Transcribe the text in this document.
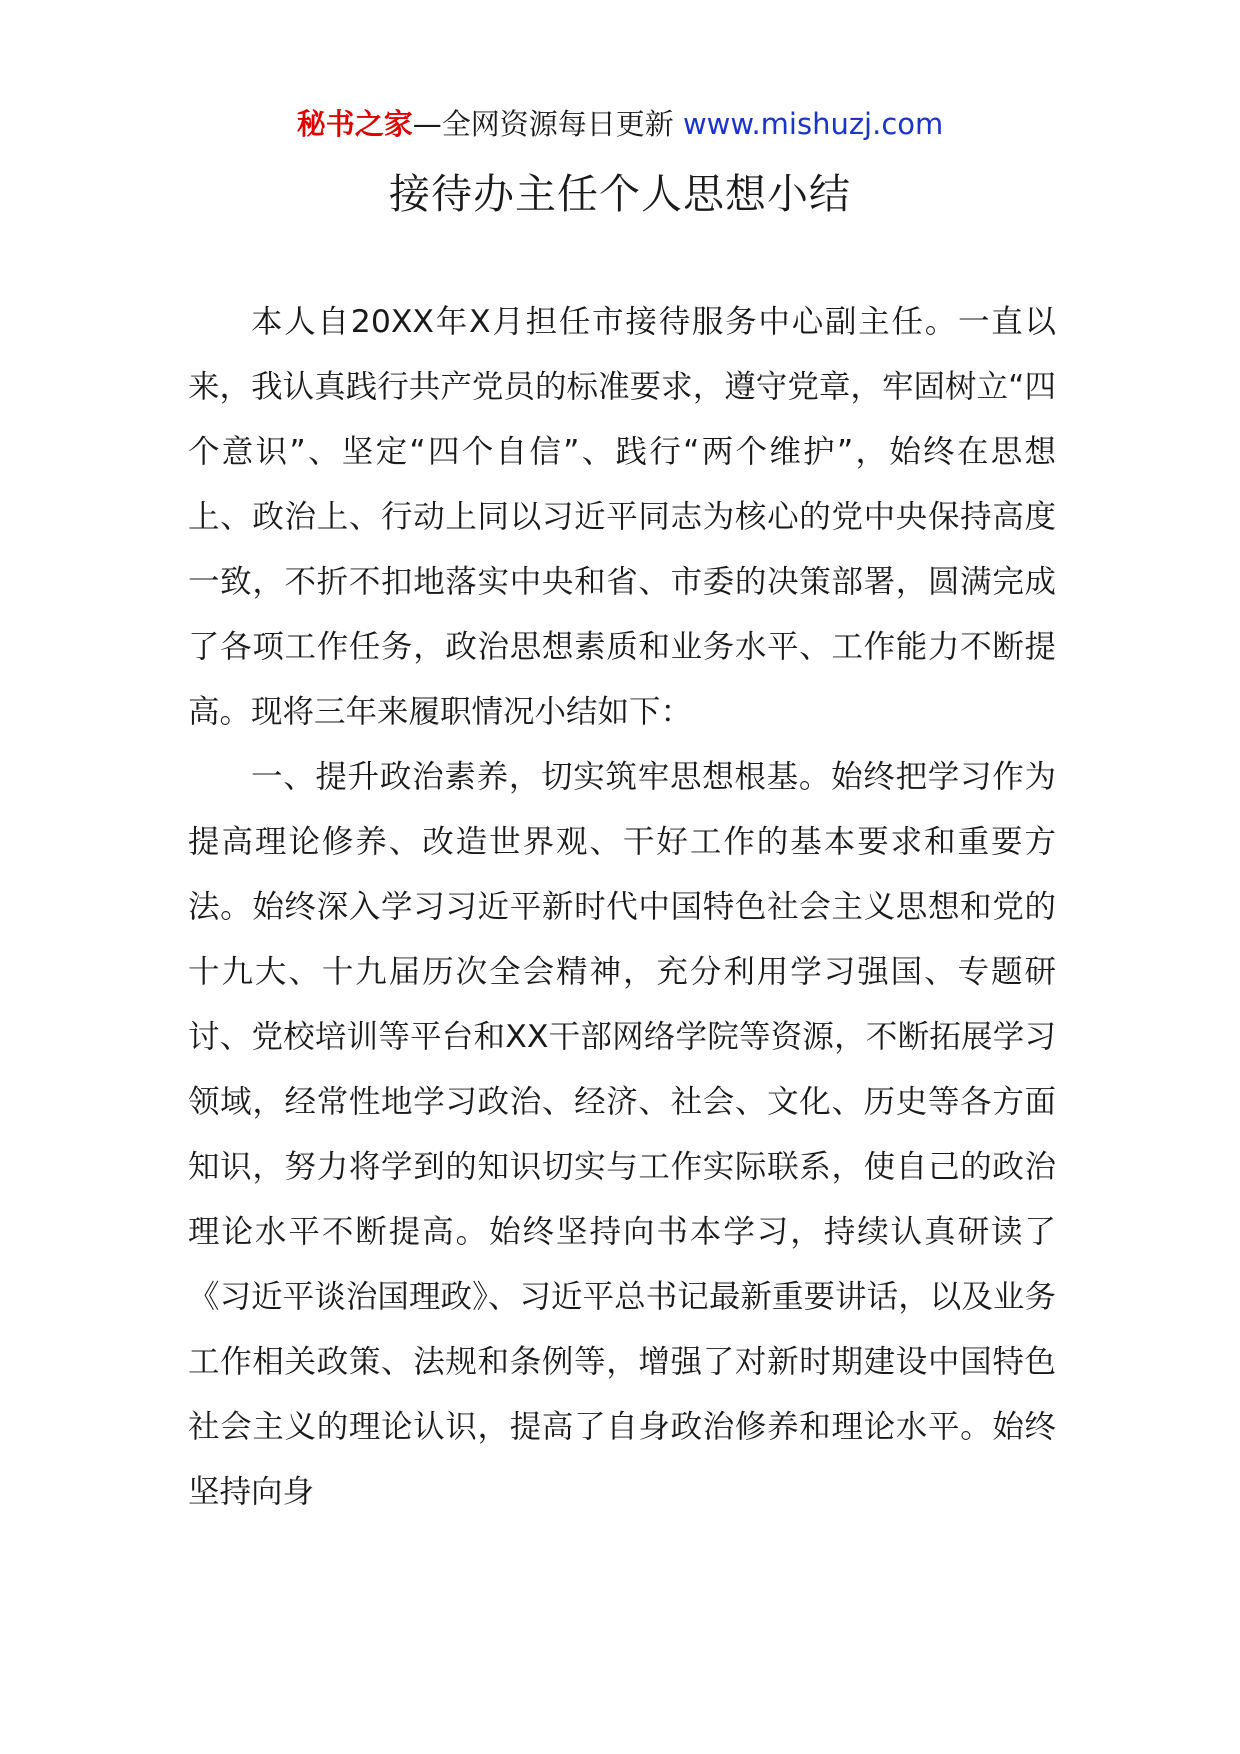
秘书之家—全网资源每日更新 www.mishuzj.com
接待办主任个人思想小结

本人自20XX年X月担任市接待服务中心副主任。一直以来，我认真践行共产党员的标准要求，遵守党章，牢固树立“四个意识”、坚定“四个自信”、践行“两个维护”，始终在思想上、政治上、行动上同以习近平同志为核心的党中央保持高度一致，不折不扣地落实中央和省、市委的决策部署，圆满完成了各项工作任务，政治思想素质和业务水平、工作能力不断提高。现将三年来履职情况小结如下：

一、提升政治素养，切实筑牢思想根基。始终把学习作为提高理论修养、改造世界观、干好工作的基本要求和重要方法。始终深入学习习近平新时代中国特色社会主义思想和党的十九大、十九届历次全会精神，充分利用学习强国、专题研讨、党校培训等平台和XX干部网络学院等资源，不断拓展学习领域，经常性地学习政治、经济、社会、文化、历史等各方面知识，努力将学到的知识切实与工作实际联系，使自己的政治理论水平不断提高。始终坚持向书本学习，持续认真研读了《习近平谈治国理政》、习近平总书记最新重要讲话，以及业务工作相关政策、法规和条例等，增强了对新时期建设中国特色社会主义的理论认识，提高了自身政治修养和理论水平。始终坚持向身
